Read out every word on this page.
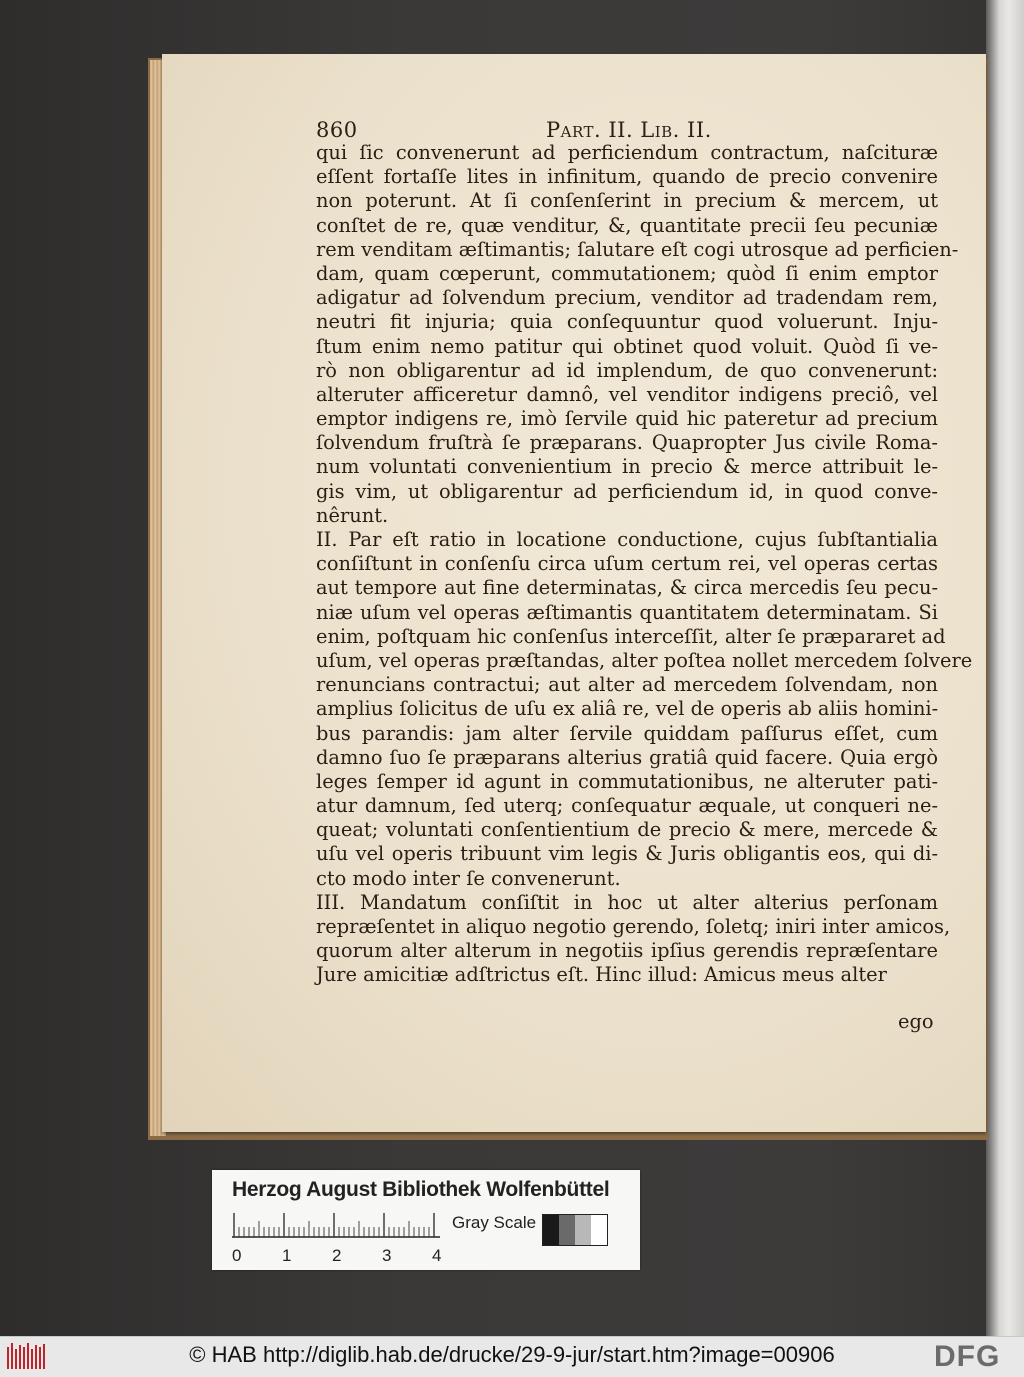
860	Part. II. Lib. II.
qui ſic convenerunt ad perficiendum contractum, naſcituræ
eſſent fortaſſe lites in infinitum, quando de precio convenire
non poterunt. At ſi conſenſerint in precium & mercem, ut
conſtet de re, quæ venditur, &, quantitate precii ſeu pecuniæ
rem venditam æſtimantis; ſalutare eſt cogi utrosque ad perficien-
dam, quam cœperunt, commutationem; quòd ſi enim emptor
adigatur ad ſolvendum precium, venditor ad tradendam rem,
neutri fit injuria; quia conſequuntur quod voluerunt. Inju-
ſtum enim nemo patitur qui obtinet quod voluit. Quòd ſi ve-
rò non obligarentur ad id implendum, de quo convenerunt:
alteruter afficeretur damnô, vel venditor indigens preciô, vel
emptor indigens re, imò ſervile quid hic pateretur ad precium
ſolvendum fruſtrà ſe præparans. Quapropter Jus civile Roma-
num voluntati convenientium in precio & merce attribuit le-
gis vim, ut obligarentur ad perficiendum id, in quod conve-
nêrunt.
II. Par eſt ratio in locatione conductione, cujus ſubſtantialia
conſiſtunt in conſenſu circa uſum certum rei, vel operas certas
aut tempore aut fine determinatas, & circa mercedis ſeu pecu-
niæ uſum vel operas æſtimantis quantitatem determinatam. Si
enim, poſtquam hic conſenſus interceſſit, alter ſe præpararet ad
uſum, vel operas præſtandas, alter poſtea nollet mercedem ſolvere
renuncians contractui; aut alter ad mercedem ſolvendam, non
amplius ſolicitus de uſu ex aliâ re, vel de operis ab aliis homini-
bus parandis: jam alter ſervile quiddam paſſurus eſſet, cum
damno ſuo ſe præparans alterius gratiâ quid facere. Quia ergò
leges ſemper id agunt in commutationibus, ne alteruter pati-
atur damnum, ſed uterq; conſequatur æquale, ut conqueri ne-
queat; voluntati conſentientium de precio & mere, mercede &
uſu vel operis tribuunt vim legis & Juris obligantis eos, qui di-
cto modo inter ſe convenerunt.
III. Mandatum conſiſtit in hoc ut alter alterius perſonam
repræſentet in aliquo negotio gerendo, ſoletq; iniri inter amicos,
quorum alter alterum in negotiis ipſius gerendis repræſentare
Jure amicitiæ adſtrictus eſt. Hinc illud: Amicus meus alter
ego
Herzog August Bibliothek Wolfenbüttel
Gray Scale
0 1 2 3 4
© HAB http://diglib.hab.de/drucke/29-9-jur/start.htm?image=00906	DFG
